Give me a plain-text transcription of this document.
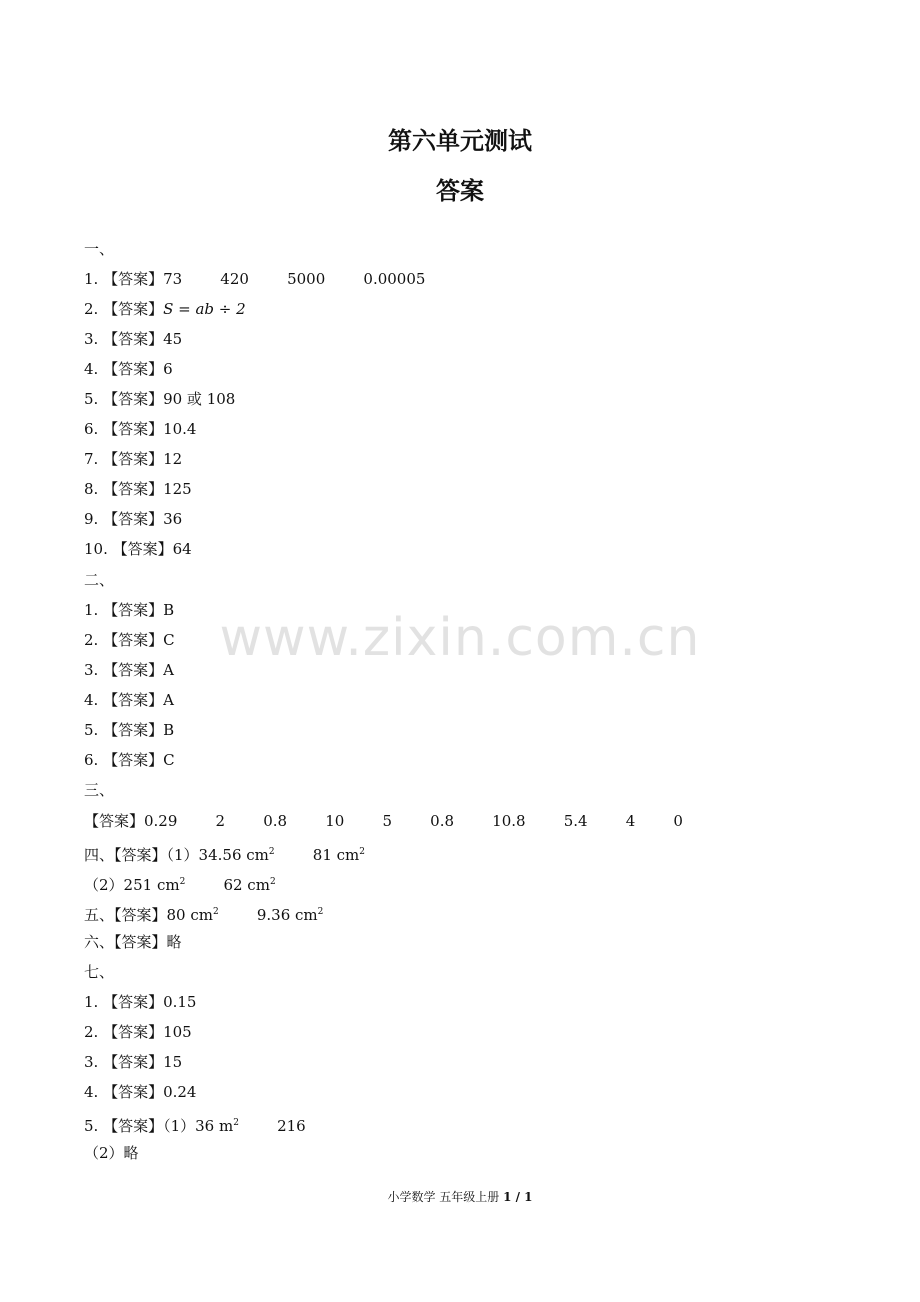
第六单元测试
答案
www.zixin.com.cn
一、
1. 【答案】73        420        5000        0.00005
2. 【答案】S = ab ÷ 2
3. 【答案】45
4. 【答案】6
5. 【答案】90 或 108
6. 【答案】10.4
7. 【答案】12
8. 【答案】125
9. 【答案】36
10. 【答案】64
二、
1. 【答案】B
2. 【答案】C
3. 【答案】A
4. 【答案】A
5. 【答案】B
6. 【答案】C
三、
【答案】0.29        2        0.8        10        5        0.8        10.8        5.4        4        0
四、【答案】（1）34.56 $cm^2$        81 $cm^2$
（2）251 $cm^2$        62 $cm^2$
五、【答案】80 $cm^2$        9.36 $cm^2$
六、【答案】略
七、
1. 【答案】0.15
2. 【答案】105
3. 【答案】15
4. 【答案】0.24
5. 【答案】（1）36 $m^2$        216
（2）略
小学数学 五年级上册 1 / 1
